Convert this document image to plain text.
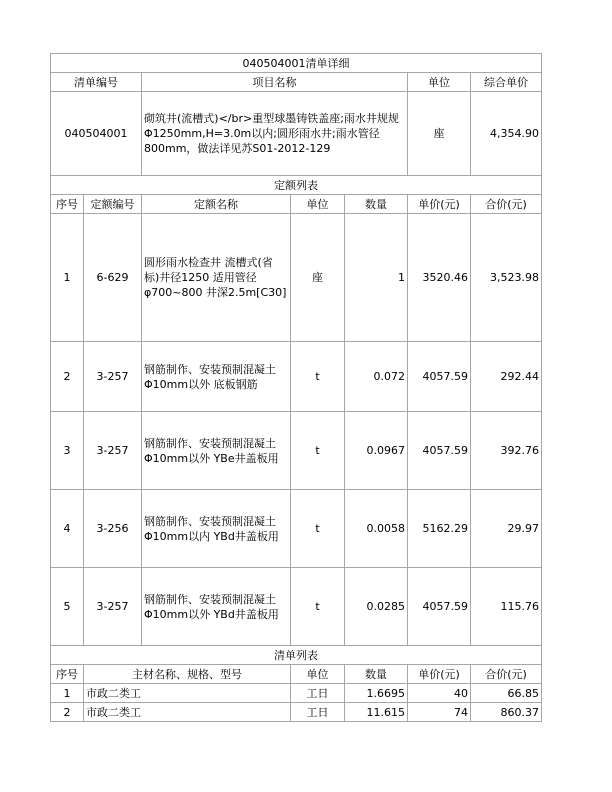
040504001清单详细						
清单编号		项目名称			单位	综合单价
040504001		砌筑井(流槽式)</br>重型球墨铸铁盖座;雨水井规规Φ1250mm,H=3.0m以内;圆形雨水井;雨水管径800mm，做法详见苏S01-2012-129			座	4,354.90
定额列表						
序号	定额编号	定额名称	单位	数量	单价(元)	合价(元)
1	6-629	圆形雨水检查井 流槽式(省标)井径1250 适用管径φ700~800 井深2.5m[C30]	座	1	3520.46	3,523.98
2	3-257	钢筋制作、安装预制混凝土Φ10mm以外 底板钢筋	t	0.072	4057.59	292.44
3	3-257	钢筋制作、安装预制混凝土Φ10mm以外 YBe井盖板用	t	0.0967	4057.59	392.76
4	3-256	钢筋制作、安装预制混凝土Φ10mm以内 YBd井盖板用	t	0.0058	5162.29	29.97
5	3-257	钢筋制作、安装预制混凝土Φ10mm以外 YBd井盖板用	t	0.0285	4057.59	115.76
清单列表						
序号	主材名称、规格、型号		单位	数量	单价(元)	合价(元)
1	市政二类工		工日	1.6695	40	66.85
2	市政二类工		工日	11.615	74	860.37
